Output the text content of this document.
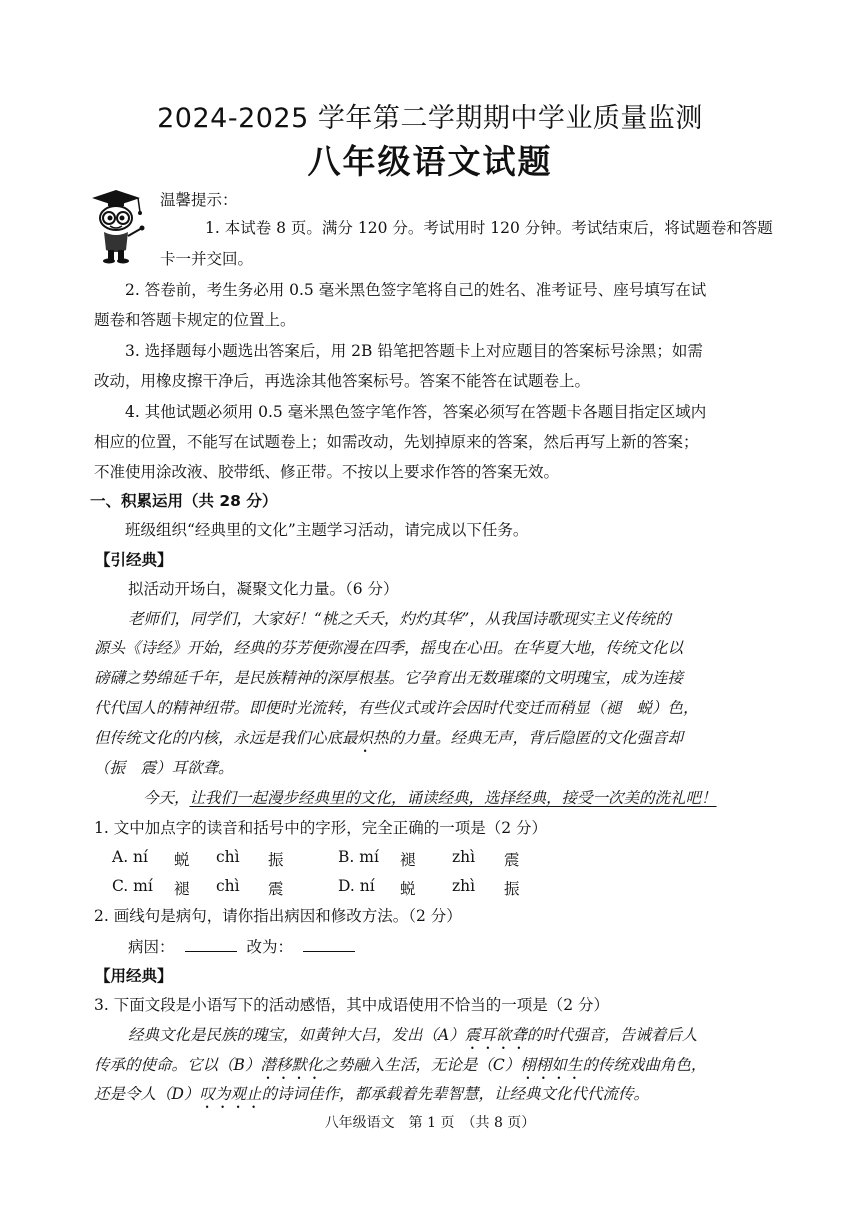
2024-2025 学年第二学期期中学业质量监测
八年级语文试题
温馨提示：
1. 本试卷 8 页。满分 120 分。考试用时 120 分钟。考试结束后，将试题卷和答题
卡一并交回。
2. 答卷前，考生务必用 0.5 毫米黑色签字笔将自己的姓名、准考证号、座号填写在试
题卷和答题卡规定的位置上。
3. 选择题每小题选出答案后，用 2B 铅笔把答题卡上对应题目的答案标号涂黑；如需
改动，用橡皮擦干净后，再选涂其他答案标号。答案不能答在试题卷上。
4. 其他试题必须用 0.5 毫米黑色签字笔作答，答案必须写在答题卡各题目指定区域内
相应的位置，不能写在试题卷上；如需改动，先划掉原来的答案，然后再写上新的答案；
不准使用涂改液、胶带纸、修正带。不按以上要求作答的答案无效。
一、积累运用（共 28 分）
班级组织“经典里的文化”主题学习活动，请完成以下任务。
【引经典】
拟活动开场白，凝聚文化力量。（6 分）
老师们，同学们，大家好！“桃之夭夭，灼灼其华”，从我国诗歌现实主义传统的
源头《诗经》开始，经典的芬芳便弥漫在四季，摇曳在心田。在华夏大地，传统文化以
磅礴之势绵延千年，是民族精神的深厚根基。它孕育出无数璀璨的文明瑰宝，成为连接
代代国人的精神纽带。即便时光流转，有些仪式或许会因时代变迁而稍显（褪　蜕）色，
但传统文化的内核，永远是我们心底最炽热的力量。经典无声，背后隐匿的文化强音却
（振　震）耳欲聋。
今天，让我们一起漫步经典里的文化，诵读经典，选择经典，接受一次美的洗礼吧！
1. 文中加点字的读音和括号中的字形，完全正确的一项是（2 分）
A. ní 蜕 chì 振	B. mí 褪 zhì 震
C. mí 褪 chì 震	D. ní 蜕 zhì 振
2. 画线句是病句，请你指出病因和修改方法。（2 分）
病因：	改为：
【用经典】
3. 下面文段是小语写下的活动感悟，其中成语使用不恰当的一项是（2 分）
经典文化是民族的瑰宝，如黄钟大吕，发出（A）震耳欲聋的时代强音，告诫着后人
传承的使命。它以（B）潜移默化之势融入生活，无论是（C）栩栩如生的传统戏曲角色，
还是令人（D）叹为观止的诗词佳作，都承载着先辈智慧，让经典文化代代流传。
八年级语文　第 1 页　（共 8 页）
